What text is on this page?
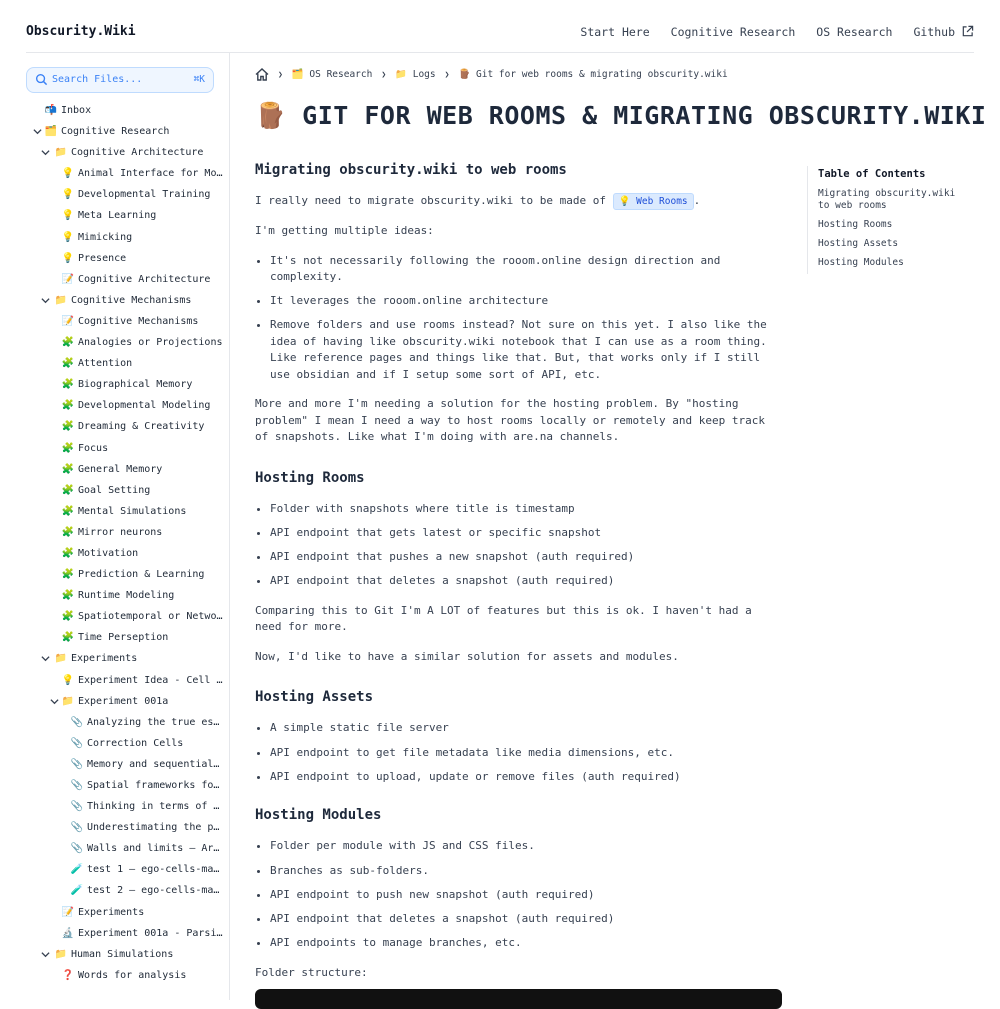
Obscurity.Wiki	Start Here Cognitive Research OS Research Github
Search Files...	⌘K
📬 Inbox
🗂️ Cognitive Research
📁 Cognitive Architecture
💡 Animal Interface for Mo…
💡 Developmental Training
💡 Meta Learning
💡 Mimicking
💡 Presence
📝 Cognitive Architecture
📁 Cognitive Mechanisms
📝 Cognitive Mechanisms
🧩 Analogies or Projections
🧩 Attention
🧩 Biographical Memory
🧩 Developmental Modeling
🧩 Dreaming & Creativity
🧩 Focus
🧩 General Memory
🧩 Goal Setting
🧩 Mental Simulations
🧩 Mirror neurons
🧩 Motivation
🧩 Prediction & Learning
🧩 Runtime Modeling
🧩 Spatiotemporal or Netwo…
🧩 Time Perseption
📁 Experiments
💡 Experiment Idea - Cell …
📁 Experiment 001a
📎 Analyzing the true es…
📎 Correction Cells
📎 Memory and sequential…
📎 Spatial frameworks fo…
📎 Thinking in terms of …
📎 Underestimating the p…
📎 Walls and limits — Ar…
🧪 test 1 — ego-cells-ma…
🧪 test 2 — ego-cells-ma…
📝 Experiments
🔬 Experiment 001a - Parsi…
📁 Human Simulations
❓ Words for analysis
❯ 🗂️ OS Research ❯ 📁 Logs ❯ 🪵 Git for web rooms & migrating obscurity.wiki
🪵 GIT FOR WEB ROOMS & MIGRATING OBSCURITY.WIKI
Migrating obscurity.wiki to web rooms

I really need to migrate obscurity.wiki to be made of 💡 Web Rooms .

I'm getting multiple ideas:

• It's not necessarily following the rooom.online design direction and complexity.
• It leverages the rooom.online architecture
• Remove folders and use rooms instead? Not sure on this yet. I also like the idea of having like obscurity.wiki notebook that I can use as a room thing. Like reference pages and things like that. But, that works only if I still use obsidian and if I setup some sort of API, etc.

More and more I'm needing a solution for the hosting problem. By "hosting problem" I mean I need a way to host rooms locally or remotely and keep track of snapshots. Like what I'm doing with are.na channels.

Hosting Rooms
• Folder with snapshots where title is timestamp
• API endpoint that gets latest or specific snapshot
• API endpoint that pushes a new snapshot (auth required)
• API endpoint that deletes a snapshot (auth required)

Comparing this to Git I'm A LOT of features but this is ok. I haven't had a need for more.

Now, I'd like to have a similar solution for assets and modules.

Hosting Assets
• A simple static file server
• API endpoint to get file metadata like media dimensions, etc.
• API endpoint to upload, update or remove files (auth required)
Hosting Modules
• Folder per module with JS and CSS files.
• Branches as sub-folders.
• API endpoint to push new snapshot (auth required)
• API endpoint that deletes a snapshot (auth required)
• API endpoints to manage branches, etc.

Folder structure:

Table of Contents
Migrating obscurity.wiki to web rooms
Hosting Rooms
Hosting Assets
Hosting Modules
